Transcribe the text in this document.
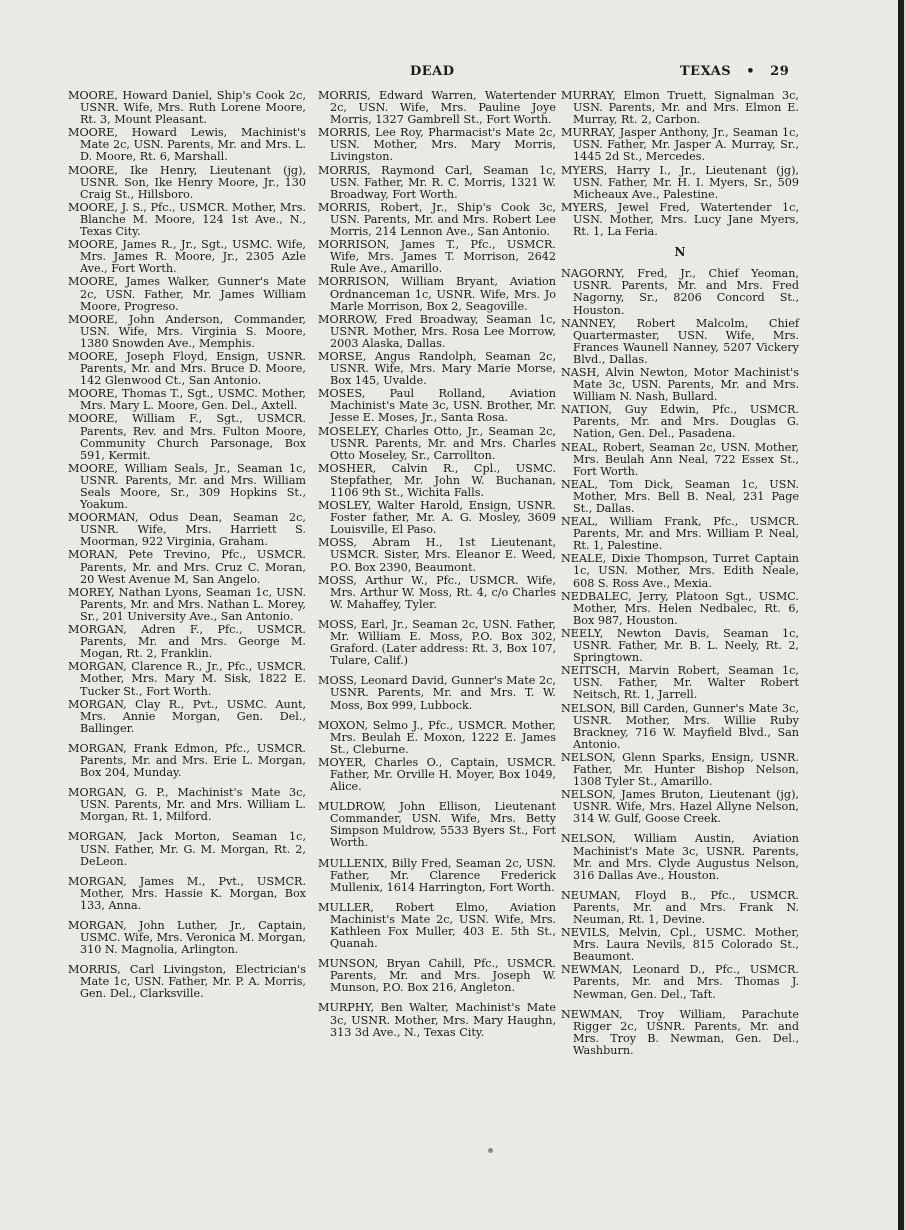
DEAD	TEXAS • 29

MOORE, Howard Daniel, Ship's Cook 2c, USNR. Wife, Mrs. Ruth Lorene Moore, Rt. 3, Mount Pleasant.

MOORE, Howard Lewis, Machinist's Mate 2c, USN. Parents, Mr. and Mrs. L. D. Moore, Rt. 6, Marshall.

MOORE, Ike Henry, Lieutenant (jg), USNR. Son, Ike Henry Moore, Jr., 130 Craig St., Hillsboro.

MOORE, J. S., Pfc., USMCR. Mother, Mrs. Blanche M. Moore, 124 1st Ave., N., Texas City.

MOORE, James R., Jr., Sgt., USMC. Wife, Mrs. James R. Moore, Jr., 2305 Azle Ave., Fort Worth.

MOORE, James Walker, Gunner's Mate 2c, USN. Father, Mr. James William Moore, Progreso.

MOORE, John Anderson, Commander, USN. Wife, Mrs. Virginia S. Moore, 1380 Snowden Ave., Memphis.

MOORE, Joseph Floyd, Ensign, USNR. Parents, Mr. and Mrs. Bruce D. Moore, 142 Glenwood Ct., San Antonio.

MOORE, Thomas T., Sgt., USMC. Mother, Mrs. Mary L. Moore, Gen. Del., Axtell.

MOORE, William F., Sgt., USMCR. Parents, Rev. and Mrs. Fulton Moore, Community Church Parsonage, Box 591, Kermit.

MOORE, William Seals, Jr., Seaman 1c, USNR. Parents, Mr. and Mrs. William Seals Moore, Sr., 309 Hopkins St., Yoakum.

MOORMAN, Odus Dean, Seaman 2c, USNR. Wife, Mrs. Harriett S. Moorman, 922 Virginia, Graham.

MORAN, Pete Trevino, Pfc., USMCR. Parents, Mr. and Mrs. Cruz C. Moran, 20 West Avenue M, San Angelo.

MOREY, Nathan Lyons, Seaman 1c, USN. Parents, Mr. and Mrs. Nathan L. Morey, Sr., 201 University Ave., San Antonio.

MORGAN, Adren F., Pfc., USMCR. Parents, Mr. and Mrs. George M. Mogan, Rt. 2, Franklin.

MORGAN, Clarence R., Jr., Pfc., USMCR. Mother, Mrs. Mary M. Sisk, 1822 E. Tucker St., Fort Worth.

MORGAN, Clay R., Pvt., USMC. Aunt, Mrs. Annie Morgan, Gen. Del., Ballinger.

MORGAN, Frank Edmon, Pfc., USMCR. Parents, Mr. and Mrs. Erie L. Morgan, Box 204, Munday.

MORGAN, G. P., Machinist's Mate 3c, USN. Parents, Mr. and Mrs. William L. Morgan, Rt. 1, Milford.

MORGAN, Jack Morton, Seaman 1c, USN. Father, Mr. G. M. Morgan, Rt. 2, DeLeon.

MORGAN, James M., Pvt., USMCR. Mother, Mrs. Hassie K. Morgan, Box 133, Anna.

MORGAN, John Luther, Jr., Captain, USMC. Wife, Mrs. Veronica M. Morgan, 310 N. Magnolia, Arlington.

MORRIS, Carl Livingston, Electrician's Mate 1c, USN. Father, Mr. P. A. Morris, Gen. Del., Clarksville.

MORRIS, Edward Warren, Watertender 2c, USN. Wife, Mrs. Pauline Joye Morris, 1327 Gambrell St., Fort Worth.

MORRIS, Lee Roy, Pharmacist's Mate 2c, USN. Mother, Mrs. Mary Morris, Livingston.

MORRIS, Raymond Carl, Seaman 1c, USN. Father, Mr. R. C. Morris, 1321 W. Broadway, Fort Worth.

MORRIS, Robert, Jr., Ship's Cook 3c, USN. Parents, Mr. and Mrs. Robert Lee Morris, 214 Lennon Ave., San Antonio.

MORRISON, James T., Pfc., USMCR. Wife, Mrs. James T. Morrison, 2642 Rule Ave., Amarillo.

MORRISON, William Bryant, Aviation Ordnanceman 1c, USNR. Wife, Mrs. Jo Marle Morrison, Box 2, Seagoville.

MORROW, Fred Broadway, Seaman 1c, USNR. Mother, Mrs. Rosa Lee Morrow, 2003 Alaska, Dallas.

MORSE, Angus Randolph, Seaman 2c, USNR. Wife, Mrs. Mary Marie Morse, Box 145, Uvalde.

MOSES, Paul Rolland, Aviation Machinist's Mate 3c, USN. Brother, Mr. Jesse E. Moses, Jr., Santa Rosa.

MOSELEY, Charles Otto, Jr., Seaman 2c, USNR. Parents, Mr. and Mrs. Charles Otto Moseley, Sr., Carrollton.

MOSHER, Calvin R., Cpl., USMC. Stepfather, Mr. John W. Buchanan, 1106 9th St., Wichita Falls.

MOSLEY, Walter Harold, Ensign, USNR. Foster father, Mr. A. G. Mosley, 3609 Louisville, El Paso.

MOSS, Abram H., 1st Lieutenant, USMCR. Sister, Mrs. Eleanor E. Weed, P.O. Box 2390, Beaumont.

MOSS, Arthur W., Pfc., USMCR. Wife, Mrs. Arthur W. Moss, Rt. 4, c/o Charles W. Mahaffey, Tyler.

MOSS, Earl, Jr., Seaman 2c, USN. Father, Mr. William E. Moss, P.O. Box 302, Graford. (Later address: Rt. 3, Box 107, Tulare, Calif.)

MOSS, Leonard David, Gunner's Mate 2c, USNR. Parents, Mr. and Mrs. T. W. Moss, Box 999, Lubbock.

MOXON, Selmo J., Pfc., USMCR. Mother, Mrs. Beulah E. Moxon, 1222 E. James St., Cleburne.

MOYER, Charles O., Captain, USMCR. Father, Mr. Orville H. Moyer, Box 1049, Alice.

MULDROW, John Ellison, Lieutenant Commander, USN. Wife, Mrs. Betty Simpson Muldrow, 5533 Byers St., Fort Worth.

MULLENIX, Billy Fred, Seaman 2c, USN. Father, Mr. Clarence Frederick Mullenix, 1614 Harrington, Fort Worth.

MULLER, Robert Elmo, Aviation Machinist's Mate 2c, USN. Wife, Mrs. Kathleen Fox Muller, 403 E. 5th St., Quanah.

MUNSON, Bryan Cahill, Pfc., USMCR. Parents, Mr. and Mrs. Joseph W. Munson, P.O. Box 216, Angleton.

MURPHY, Ben Walter, Machinist's Mate 3c, USNR. Mother, Mrs. Mary Haughn, 313 3d Ave., N., Texas City.

MURRAY, Elmon Truett, Signalman 3c, USN. Parents, Mr. and Mrs. Elmon E. Murray, Rt. 2, Carbon.

MURRAY, Jasper Anthony, Jr., Seaman 1c, USN. Father, Mr. Jasper A. Murray, Sr., 1445 2d St., Mercedes.

MYERS, Harry I., Jr., Lieutenant (jg), USN. Father, Mr. H. I. Myers, Sr., 509 Micheaux Ave., Palestine.

MYERS, Jewel Fred, Watertender 1c, USN. Mother, Mrs. Lucy Jane Myers, Rt. 1, La Feria.

N

NAGORNY, Fred, Jr., Chief Yeoman, USNR. Parents, Mr. and Mrs. Fred Nagorny, Sr., 8206 Concord St., Houston.

NANNEY, Robert Malcolm, Chief Quartermaster, USN. Wife, Mrs. Frances Waunell Nanney, 5207 Vickery Blvd., Dallas.

NASH, Alvin Newton, Motor Machinist's Mate 3c, USN. Parents, Mr. and Mrs. William N. Nash, Bullard.

NATION, Guy Edwin, Pfc., USMCR. Parents, Mr. and Mrs. Douglas G. Nation, Gen. Del., Pasadena.

NEAL, Robert, Seaman 2c, USN. Mother, Mrs. Beulah Ann Neal, 722 Essex St., Fort Worth.

NEAL, Tom Dick, Seaman 1c, USN. Mother, Mrs. Bell B. Neal, 231 Page St., Dallas.

NEAL, William Frank, Pfc., USMCR. Parents, Mr. and Mrs. William P. Neal, Rt. 1, Palestine.

NEALE, Dixie Thompson, Turret Captain 1c, USN. Mother, Mrs. Edith Neale, 608 S. Ross Ave., Mexia.

NEDBALEC, Jerry, Platoon Sgt., USMC. Mother, Mrs. Helen Nedbalec, Rt. 6, Box 987, Houston.

NEELY, Newton Davis, Seaman 1c, USNR. Father, Mr. B. L. Neely, Rt. 2, Springtown.

NEITSCH, Marvin Robert, Seaman 1c, USN. Father, Mr. Walter Robert Neitsch, Rt. 1, Jarrell.

NELSON, Bill Carden, Gunner's Mate 3c, USNR. Mother, Mrs. Willie Ruby Brackney, 716 W. Mayfield Blvd., San Antonio.

NELSON, Glenn Sparks, Ensign, USNR. Father, Mr. Hunter Bishop Nelson, 1308 Tyler St., Amarillo.

NELSON, James Bruton, Lieutenant (jg), USNR. Wife, Mrs. Hazel Allyne Nelson, 314 W. Gulf, Goose Creek.

NELSON, William Austin, Aviation Machinist's Mate 3c, USNR. Parents, Mr. and Mrs. Clyde Augustus Nelson, 316 Dallas Ave., Houston.

NEUMAN, Floyd B., Pfc., USMCR. Parents, Mr. and Mrs. Frank N. Neuman, Rt. 1, Devine.

NEVILS, Melvin, Cpl., USMC. Mother, Mrs. Laura Nevils, 815 Colorado St., Beaumont.

NEWMAN, Leonard D., Pfc., USMCR. Parents, Mr. and Mrs. Thomas J. Newman, Gen. Del., Taft.

NEWMAN, Troy William, Parachute Rigger 2c, USNR. Parents, Mr. and Mrs. Troy B. Newman, Gen. Del., Washburn.
